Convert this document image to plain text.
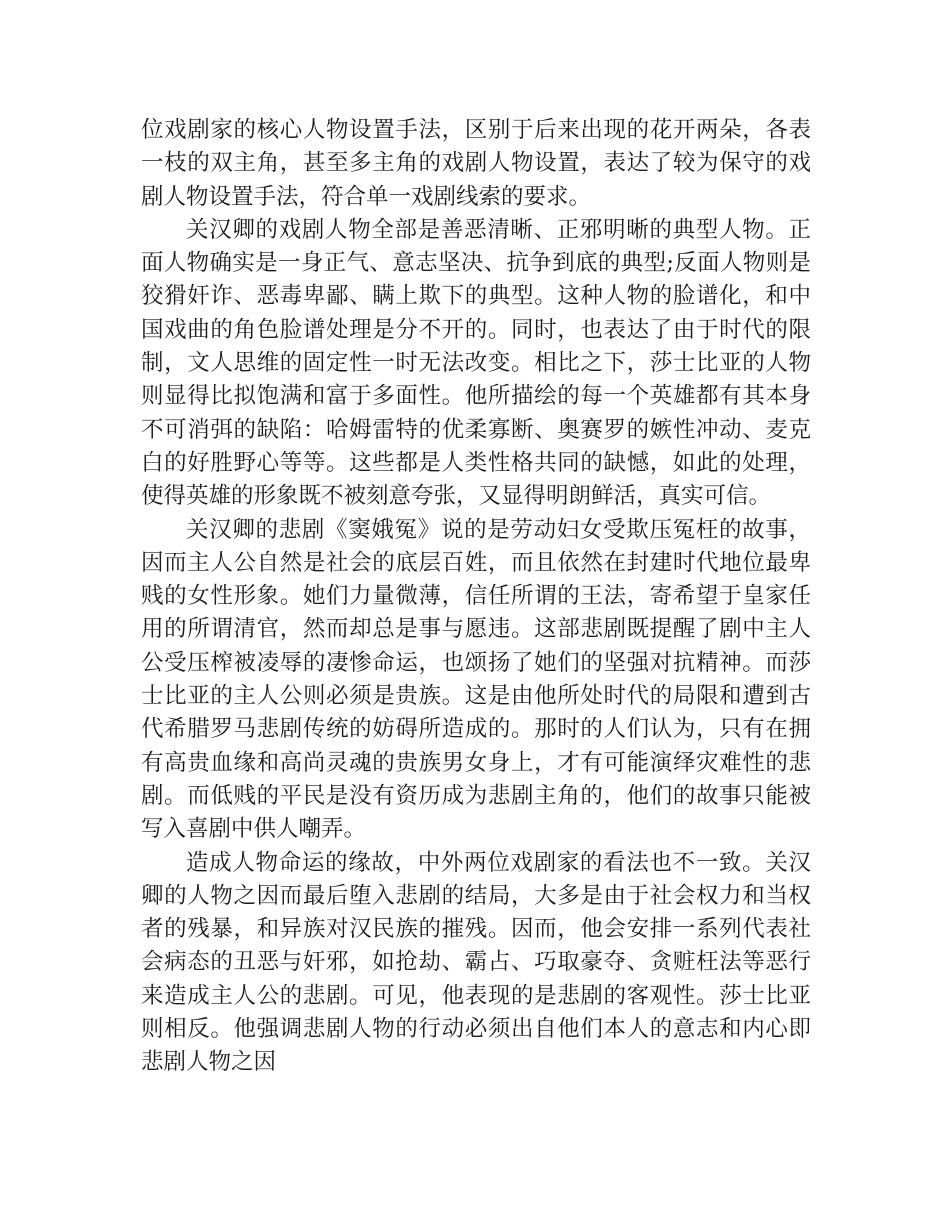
位戏剧家的核心人物设置手法，区别于后来出现的花开两朵，各表一枝的双主角，甚至多主角的戏剧人物设置，表达了较为保守的戏剧人物设置手法，符合单一戏剧线索的要求。

关汉卿的戏剧人物全部是善恶清晰、正邪明晰的典型人物。正面人物确实是一身正气、意志坚决、抗争到底的典型;反面人物则是狡猾奸诈、恶毒卑鄙、瞒上欺下的典型。这种人物的脸谱化，和中国戏曲的角色脸谱处理是分不开的。同时，也表达了由于时代的限制，文人思维的固定性一时无法改变。相比之下，莎士比亚的人物则显得比拟饱满和富于多面性。他所描绘的每一个英雄都有其本身不可消弭的缺陷：哈姆雷特的优柔寡断、奥赛罗的嫉性冲动、麦克白的好胜野心等等。这些都是人类性格共同的缺憾，如此的处理，使得英雄的形象既不被刻意夸张，又显得明朗鲜活，真实可信。

关汉卿的悲剧《窦娥冤》说的是劳动妇女受欺压冤枉的故事，因而主人公自然是社会的底层百姓，而且依然在封建时代地位最卑贱的女性形象。她们力量微薄，信任所谓的王法，寄希望于皇家任用的所谓清官，然而却总是事与愿违。这部悲剧既提醒了剧中主人公受压榨被凌辱的凄惨命运，也颂扬了她们的坚强对抗精神。而莎士比亚的主人公则必须是贵族。这是由他所处时代的局限和遭到古代希腊罗马悲剧传统的妨碍所造成的。那时的人们认为，只有在拥有高贵血缘和高尚灵魂的贵族男女身上，才有可能演绎灾难性的悲剧。而低贱的平民是没有资历成为悲剧主角的，他们的故事只能被写入喜剧中供人嘲弄。

造成人物命运的缘故，中外两位戏剧家的看法也不一致。关汉卿的人物之因而最后堕入悲剧的结局，大多是由于社会权力和当权者的残暴，和异族对汉民族的摧残。因而，他会安排一系列代表社会病态的丑恶与奸邪，如抢劫、霸占、巧取豪夺、贪赃枉法等恶行来造成主人公的悲剧。可见，他表现的是悲剧的客观性。莎士比亚则相反。他强调悲剧人物的行动必须出自他们本人的意志和内心即悲剧人物之因
